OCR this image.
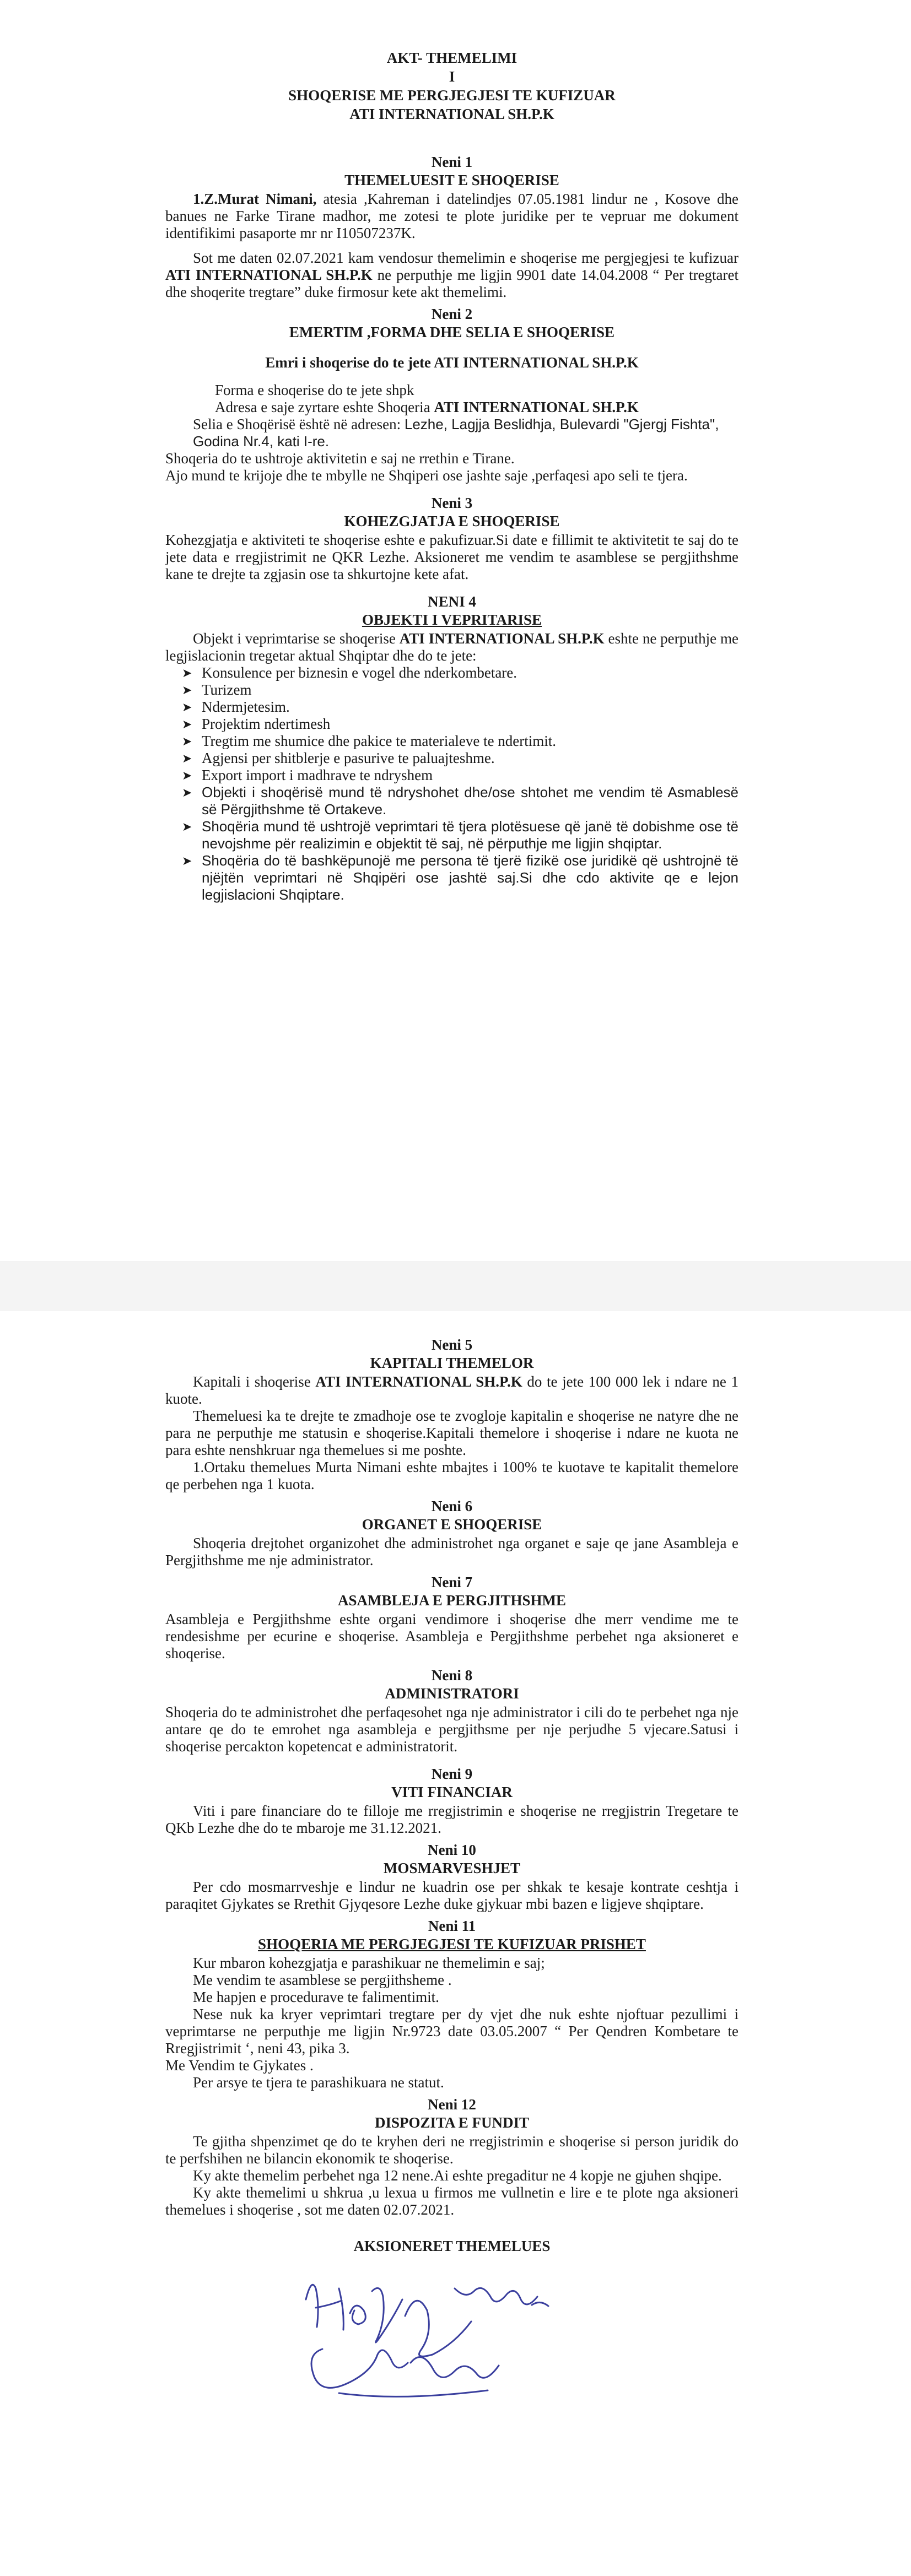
AKT- THEMELIMI
I
SHOQERISE ME PERGJEGJESI TE KUFIZUAR
ATI INTERNATIONAL SH.P.K
Neni 1
THEMELUESIT E SHOQERISE

1.Z.Murat Nimani, atesia ,Kahreman i datelindjes 07.05.1981 lindur ne , Kosove dhe banues ne Farke Tirane madhor, me zotesi te plote juridike per te vepruar me dokument identifikimi pasaporte mr nr I10507237K.

Sot me daten 02.07.2021 kam vendosur themelimin e shoqerise me pergjegjesi te kufizuar ATI INTERNATIONAL SH.P.K ne perputhje me ligjin 9901 date 14.04.2008 “ Per tregtaret dhe shoqerite tregtare” duke firmosur kete akt themelimi.

Neni 2
EMERTIM ,FORMA DHE SELIA E SHOQERISE
Emri i shoqerise do te jete ATI INTERNATIONAL SH.P.K

Forma e shoqerise do te jete shpk

Adresa e saje zyrtare eshte Shoqeria ATI INTERNATIONAL SH.P.K

Selia e Shoqërisë është në adresen: Lezhe, Lagjja Beslidhja, Bulevardi "Gjergj Fishta", Godina Nr.4, kati I-re.

Shoqeria do te ushtroje aktivitetin e saj ne rrethin e Tirane.

Ajo mund te krijoje dhe te mbylle ne Shqiperi ose jashte saje ,perfaqesi apo seli te tjera.

Neni 3
KOHEZGJATJA E SHOQERISE

Kohezgjatja e aktiviteti te shoqerise eshte e pakufizuar.Si date e fillimit te aktivitetit te saj do te jete data e rregjistrimit ne QKR Lezhe. Aksioneret me vendim te asamblese se pergjithshme kane te drejte ta zgjasin ose ta shkurtojne kete afat.

NENI 4
OBJEKTI I VEPRITARISE

Objekt i veprimtarise se shoqerise ATI INTERNATIONAL SH.P.K eshte ne perputhje me legjislacionin tregetar aktual Shqiptar dhe do te jete:

➤ Konsulence per biznesin e vogel dhe nderkombetare.
➤ Turizem
➤ Ndermjetesim.
➤ Projektim ndertimesh
➤ Tregtim me shumice dhe pakice te materialeve te ndertimit.
➤ Agjensi per shitblerje e pasurive te paluajteshme.
➤ Export import i madhrave te ndryshem
➤ Objekti i shoqërisë mund të ndryshohet dhe/ose shtohet me vendim të Asmablesë së Përgjithshme të Ortakeve.
➤ Shoqëria mund të ushtrojë veprimtari të tjera plotësuese që janë të dobishme ose të nevojshme për realizimin e objektit të saj, në përputhje me ligjin shqiptar.
➤ Shoqëria do të bashkëpunojë me persona të tjerë fizikë ose juridikë që ushtrojnë të njëjtën veprimtari në Shqipëri ose jashtë saj.Si dhe cdo aktivite qe e lejon legjislacioni Shqiptare.
Neni 5
KAPITALI THEMELOR

Kapitali i shoqerise ATI INTERNATIONAL SH.P.K do te jete 100 000 lek i ndare ne 1 kuote.

Themeluesi ka te drejte te zmadhoje ose te zvogloje kapitalin e shoqerise ne natyre dhe ne para ne perputhje me statusin e shoqerise.Kapitali themelore i shoqerise i ndare ne kuota ne para eshte nenshkruar nga themelues si me poshte.

1.Ortaku themelues Murta Nimani eshte mbajtes i 100% te kuotave te kapitalit themelore qe perbehen nga 1 kuota.

Neni 6
ORGANET E SHOQERISE

Shoqeria drejtohet organizohet dhe administrohet nga organet e saje qe jane Asambleja e Pergjithshme me nje administrator.

Neni 7
ASAMBLEJA E PERGJITHSHME

Asambleja e Pergjithshme eshte organi vendimore i shoqerise dhe merr vendime me te rendesishme per ecurine e shoqerise. Asambleja e Pergjithshme perbehet nga aksioneret e shoqerise.

Neni 8
ADMINISTRATORI

Shoqeria do te administrohet dhe perfaqesohet nga nje administrator i cili do te perbehet nga nje antare qe do te emrohet nga asambleja e pergjithsme per nje perjudhe 5 vjecare.Satusi i shoqerise percakton kopetencat e administratorit.

Neni 9
VITI FINANCIAR

Viti i pare financiare do te filloje me rregjistrimin e shoqerise ne rregjistrin Tregetare te QKb Lezhe dhe do te mbaroje me 31.12.2021.

Neni 10
MOSMARVESHJET

Per cdo mosmarrveshje e lindur ne kuadrin ose per shkak te kesaje kontrate ceshtja i paraqitet Gjykates se Rrethit Gjyqesore Lezhe duke gjykuar mbi bazen e ligjeve shqiptare.

Neni 11
SHOQERIA ME PERGJEGJESI TE KUFIZUAR PRISHET

Kur mbaron kohezgjatja e parashikuar ne themelimin e saj;

Me vendim te asamblese se pergjithsheme .

Me hapjen e procedurave te falimentimit.

Nese nuk ka kryer veprimtari tregtare per dy vjet dhe nuk eshte njoftuar pezullimi i veprimtarse ne perputhje me ligjin Nr.9723 date 03.05.2007 “ Per Qendren Kombetare te Rregjistrimit ‘, neni 43, pika 3.

Me Vendim te Gjykates .

Per arsye te tjera te parashikuara ne statut.

Neni 12
DISPOZITA E FUNDIT

Te gjitha shpenzimet qe do te kryhen deri ne rregjistrimin e shoqerise si person juridik do te perfshihen ne bilancin ekonomik te shoqerise.

Ky akte themelim perbehet nga 12 nene.Ai eshte pregaditur ne 4 kopje ne gjuhen shqipe.

Ky akte themelimi u shkrua ,u lexua u firmos me vullnetin e lire e te plote nga aksioneri themelues i shoqerise , sot me daten 02.07.2021.

AKSIONERET THEMELUES
